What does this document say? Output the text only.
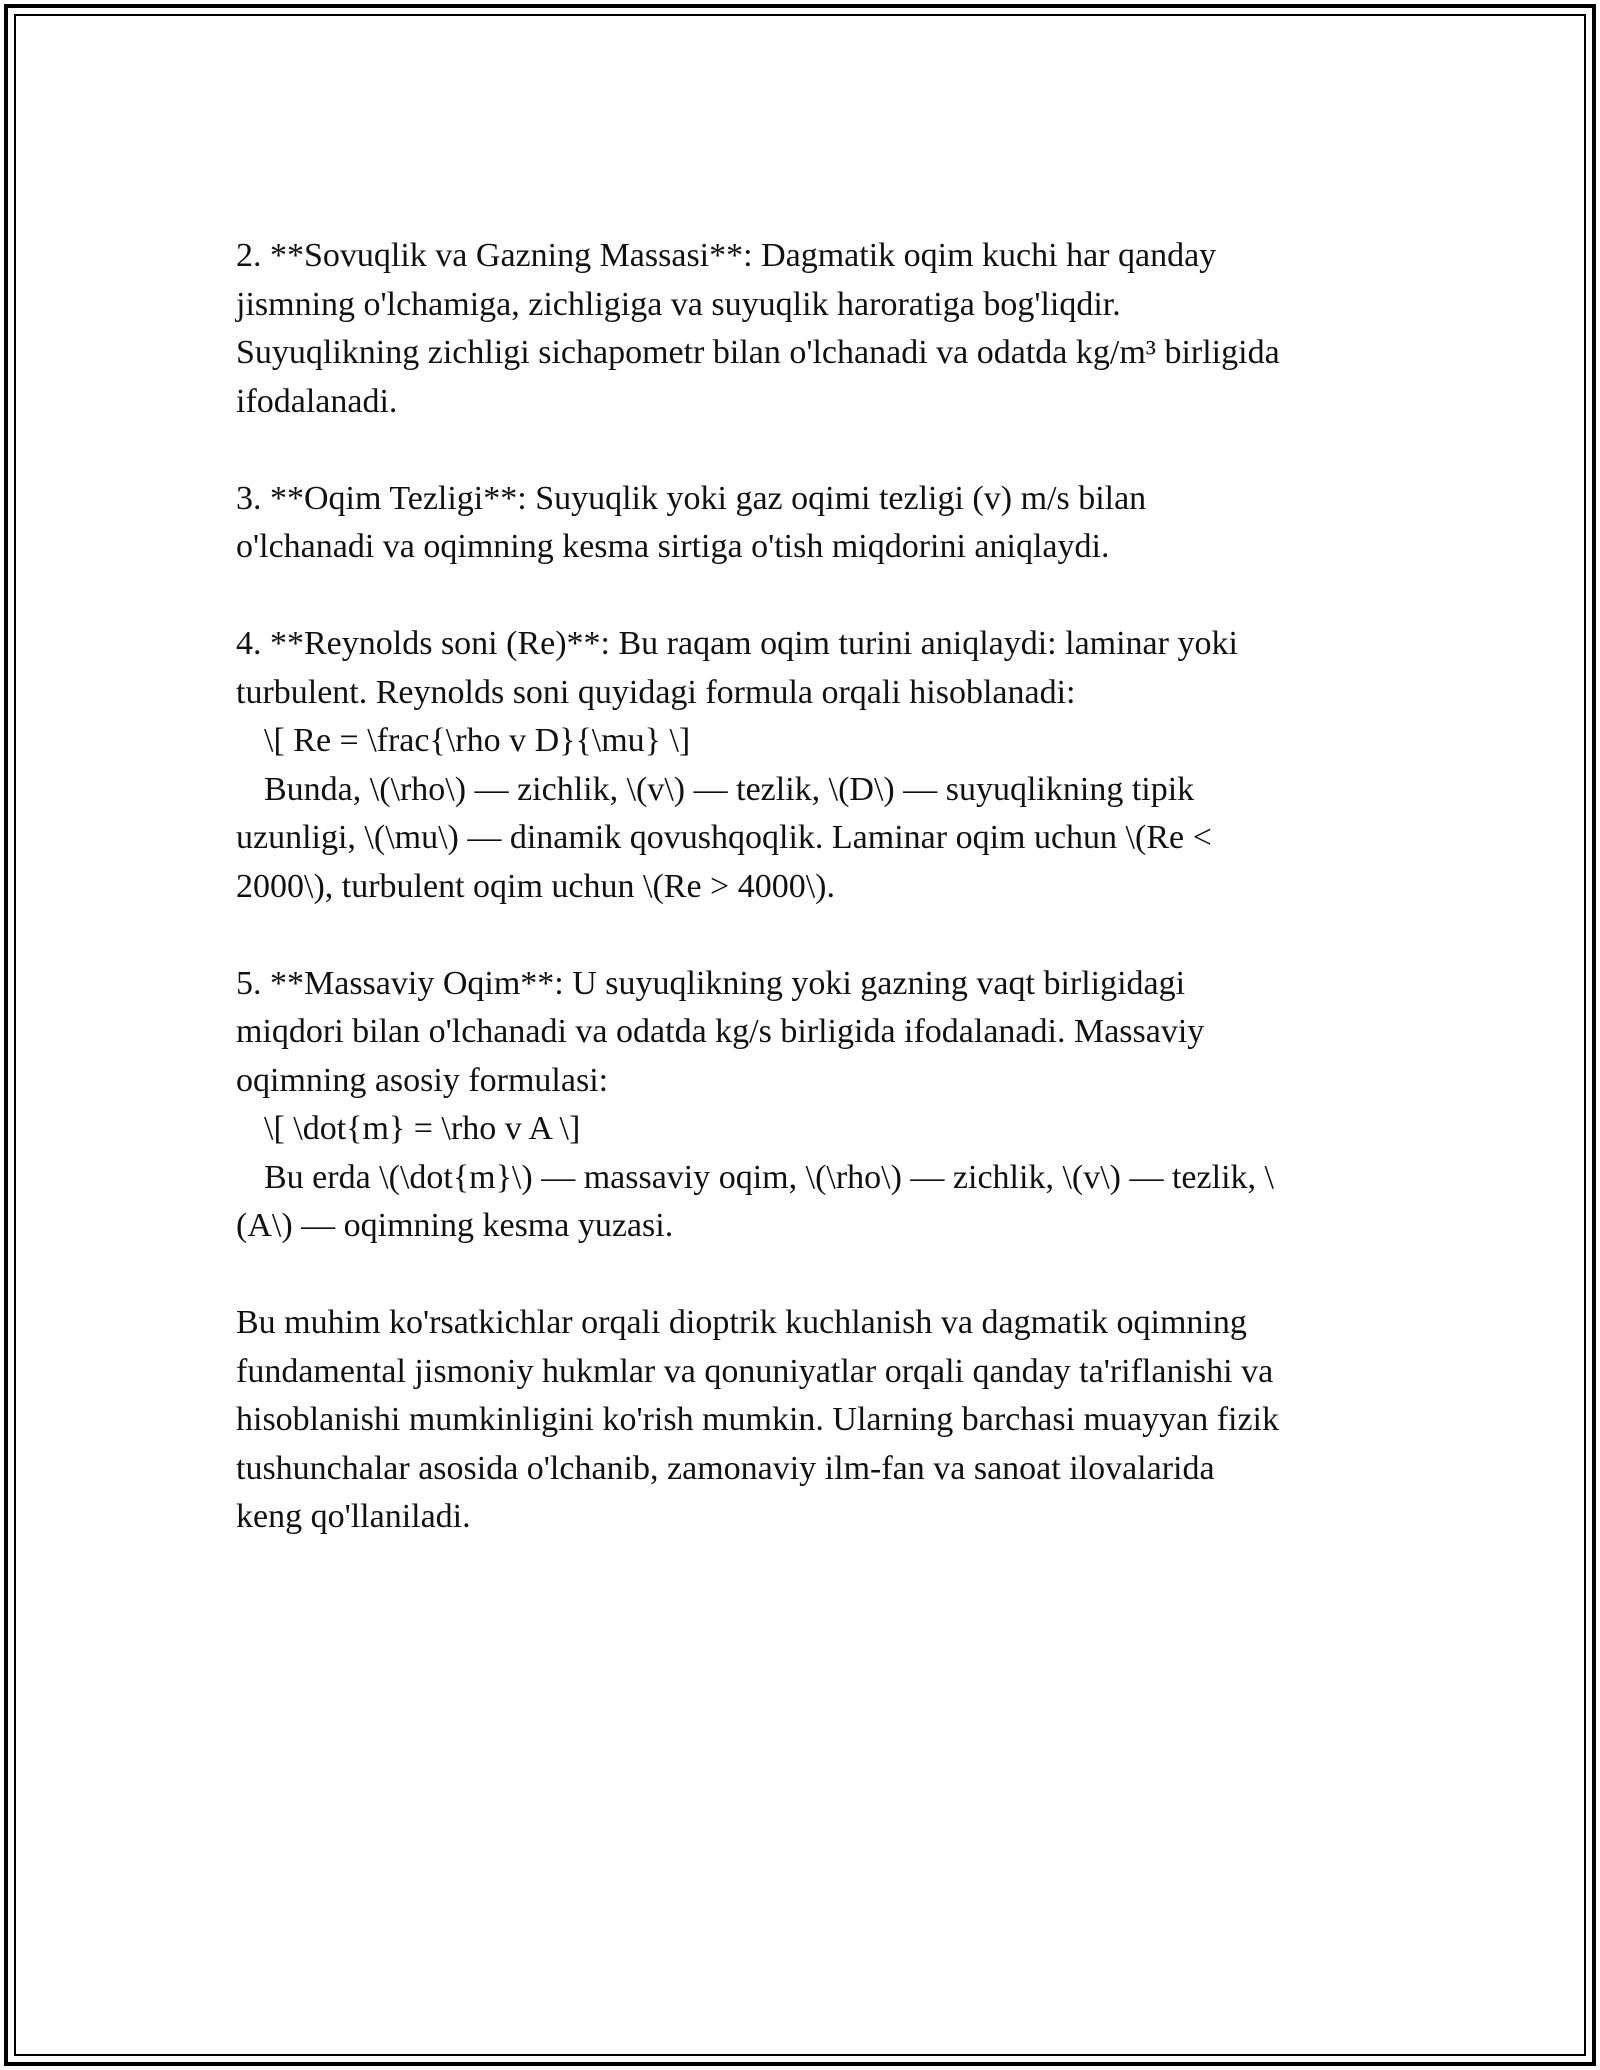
2. **Sovuqlik va Gazning Massasi**: Dagmatik oqim kuchi har qanday
jismning o'lchamiga, zichligiga va suyuqlik haroratiga bog'liqdir.
Suyuqlikning zichligi sichapometr bilan o'lchanadi va odatda kg/m³ birligida
ifodalanadi.
3. **Oqim Tezligi**: Suyuqlik yoki gaz oqimi tezligi (v) m/s bilan
o'lchanadi va oqimning kesma sirtiga o'tish miqdorini aniqlaydi.
4. **Reynolds soni (Re)**: Bu raqam oqim turini aniqlaydi: laminar yoki
turbulent. Reynolds soni quyidagi formula orqali hisoblanadi:
\[ Re = \frac{\rho v D}{\mu} \]
Bunda, \(\rho\) — zichlik, \(v\) — tezlik, \(D\) — suyuqlikning tipik
uzunligi, \(\mu\) — dinamik qovushqoqlik. Laminar oqim uchun \(Re <
2000\), turbulent oqim uchun \(Re > 4000\).
5. **Massaviy Oqim**: U suyuqlikning yoki gazning vaqt birligidagi
miqdori bilan o'lchanadi va odatda kg/s birligida ifodalanadi. Massaviy
oqimning asosiy formulasi:
\[ \dot{m} = \rho v A \]
Bu erda \(\dot{m}\) — massaviy oqim, \(\rho\) — zichlik, \(v\) — tezlik, \
(A\) — oqimning kesma yuzasi.
Bu muhim ko'rsatkichlar orqali dioptrik kuchlanish va dagmatik oqimning
fundamental jismoniy hukmlar va qonuniyatlar orqali qanday ta'riflanishi va
hisoblanishi mumkinligini ko'rish mumkin. Ularning barchasi muayyan fizik
tushunchalar asosida o'lchanib, zamonaviy ilm-fan va sanoat ilovalarida
keng qo'llaniladi.
